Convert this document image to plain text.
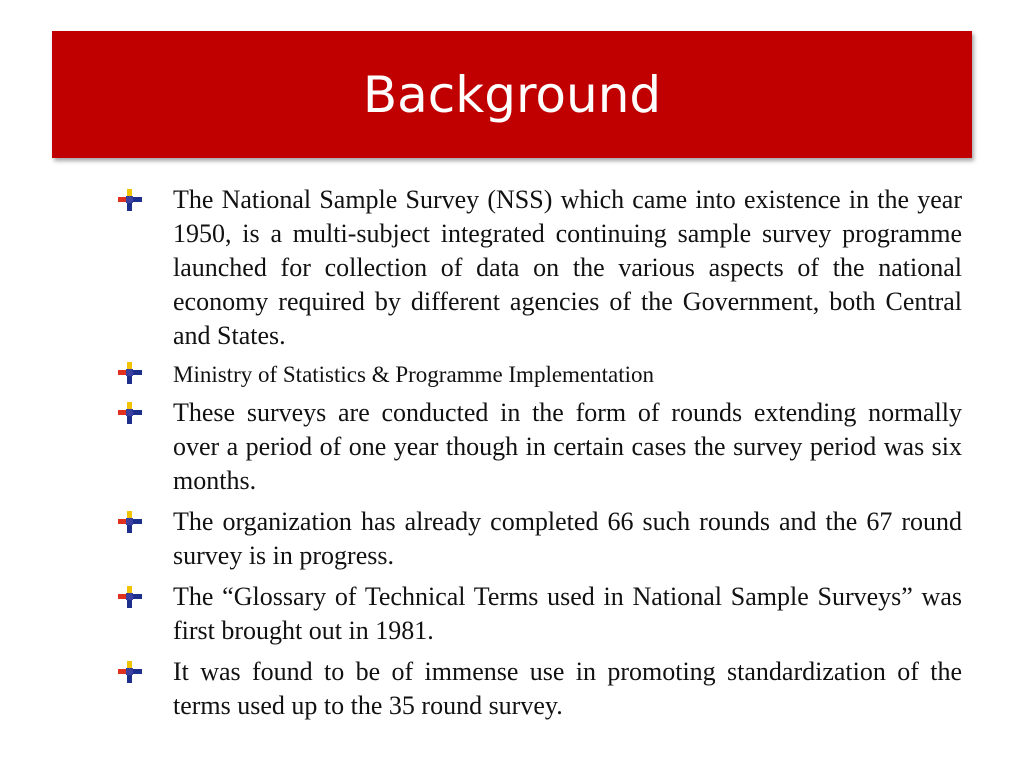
Background
The National Sample Survey (NSS) which came into existence in the year 1950, is a multi-subject integrated continuing sample survey programme launched for collection of data on the various aspects of the national economy required by different agencies of the Government, both Central and States.
Ministry of Statistics & Programme Implementation
These surveys are conducted in the form of rounds extending normally over a period of one year though in certain cases the survey period was six months.
The organization has already completed 66 such rounds and the 67 round survey is in progress.
The “Glossary of Technical Terms used in National Sample Surveys” was first brought out in 1981.
It was found to be of immense use in promoting standardization of the terms used up to the 35 round survey.
